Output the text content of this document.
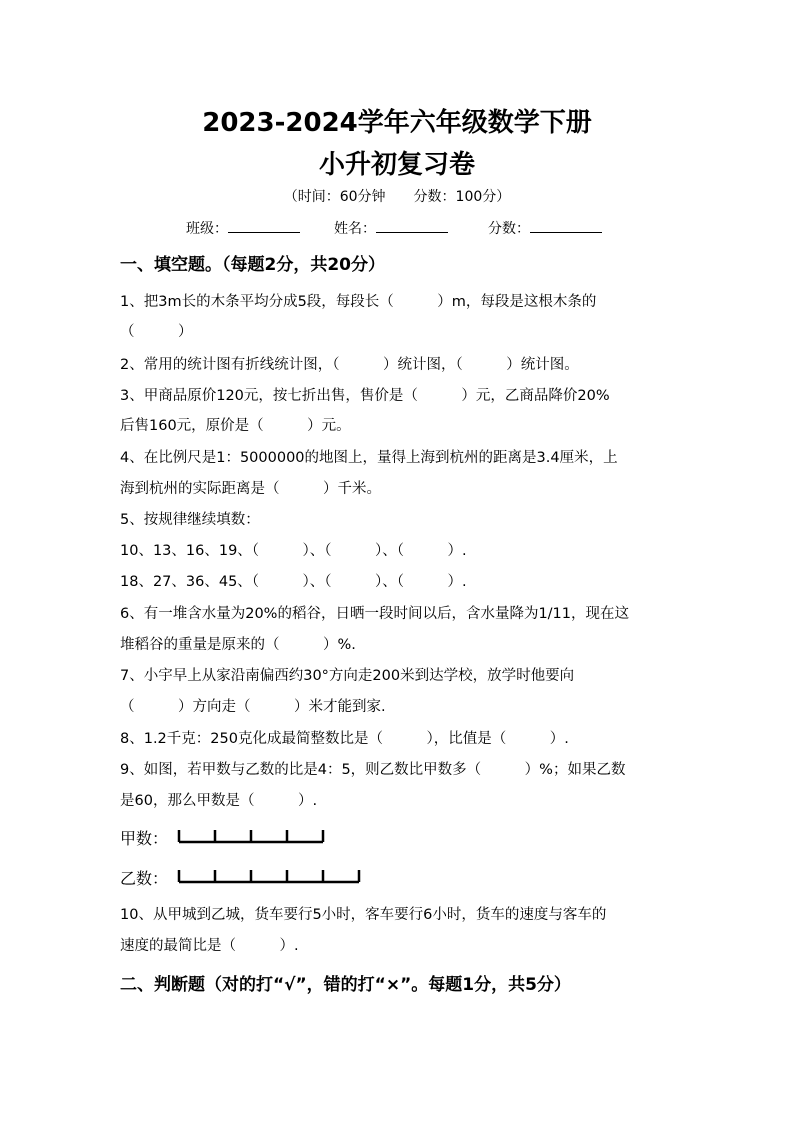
2023-2024学年六年级数学下册
小升初复习卷
（时间：60分钟　　分数：100分）
班级：	姓名：	分数：
一、填空题。（每题2分，共20分）
1、把3m长的木条平均分成5段，每段长（　　　）m，每段是这根木条的
（　　　）
2、常用的统计图有折线统计图，（　　　）统计图，（　　　）统计图。
3、甲商品原价120元，按七折出售，售价是（　　　）元，乙商品降价20%
后售160元，原价是（　　　）元。
4、在比例尺是1：5000000的地图上，量得上海到杭州的距离是3.4厘米，上
海到杭州的实际距离是（　　　）千米。
5、按规律继续填数：
10、13、16、19、（　　　）、（　　　）、（　　　）.
18、27、36、45、（　　　）、（　　　）、（　　　）.
6、有一堆含水量为20%的稻谷，日晒一段时间以后，含水量降为1/11，现在这
堆稻谷的重量是原来的（　　　）%.
7、小宇早上从家沿南偏西约30°方向走200米到达学校，放学时他要向
（　　　）方向走（　　　）米才能到家.
8、1.2千克：250克化成最简整数比是（　　　），比值是（　　　）.
9、如图，若甲数与乙数的比是4：5，则乙数比甲数多（　　　）%；如果乙数
是60，那么甲数是（　　　）.
甲数：
乙数：
10、从甲城到乙城，货车要行5小时，客车要行6小时，货车的速度与客车的
速度的最简比是（　　　）.
二、判断题（对的打“√”，错的打“×”。每题1分，共5分）
